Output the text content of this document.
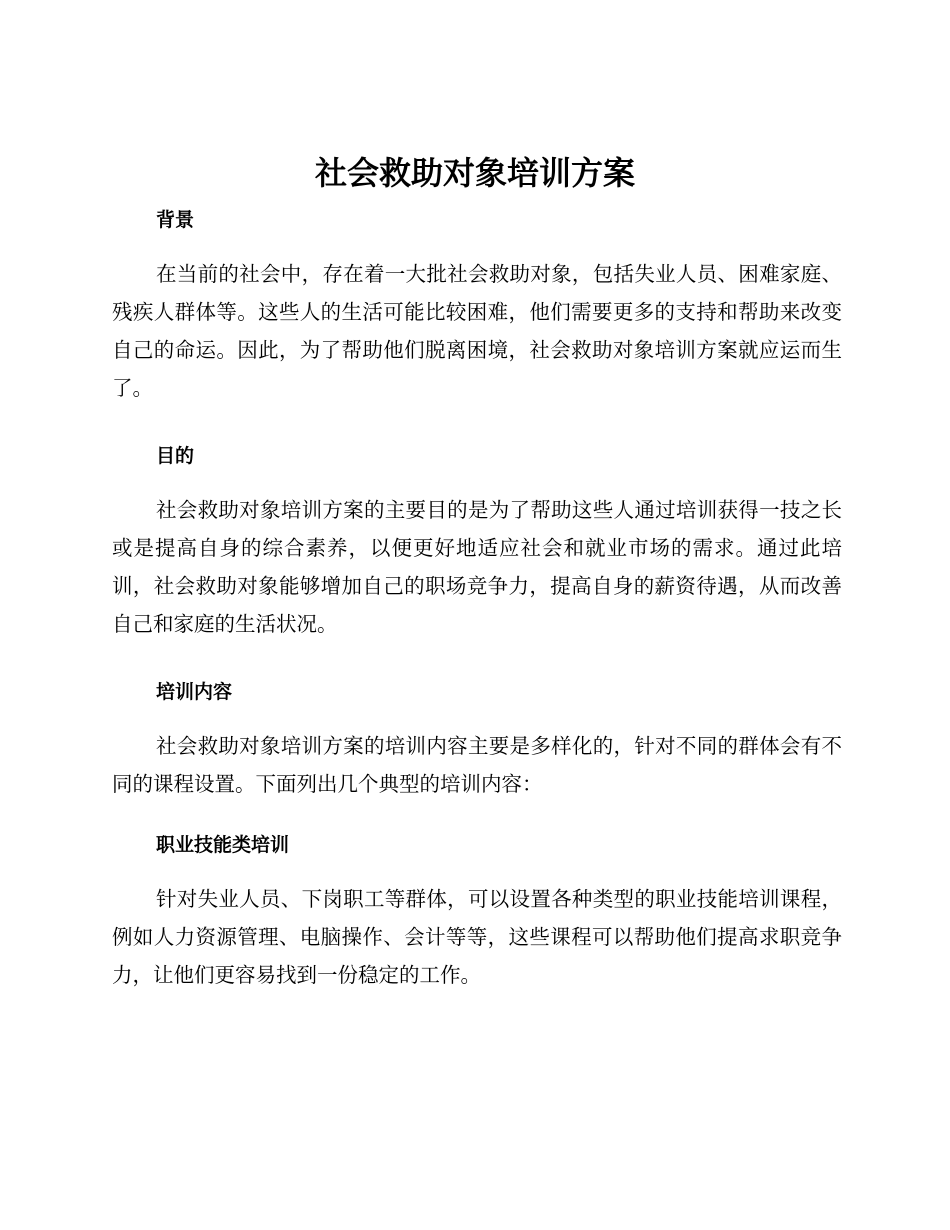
社会救助对象培训方案
背景

在当前的社会中，存在着一大批社会救助对象，包括失业人员、困难家庭、残疾人群体等。这些人的生活可能比较困难，他们需要更多的支持和帮助来改变自己的命运。因此，为了帮助他们脱离困境，社会救助对象培训方案就应运而生了。

目的

社会救助对象培训方案的主要目的是为了帮助这些人通过培训获得一技之长或是提高自身的综合素养，以便更好地适应社会和就业市场的需求。通过此培训，社会救助对象能够增加自己的职场竞争力，提高自身的薪资待遇，从而改善自己和家庭的生活状况。

培训内容

社会救助对象培训方案的培训内容主要是多样化的，针对不同的群体会有不同的课程设置。下面列出几个典型的培训内容：

职业技能类培训

针对失业人员、下岗职工等群体，可以设置各种类型的职业技能培训课程，例如人力资源管理、电脑操作、会计等等，这些课程可以帮助他们提高求职竞争力，让他们更容易找到一份稳定的工作。
